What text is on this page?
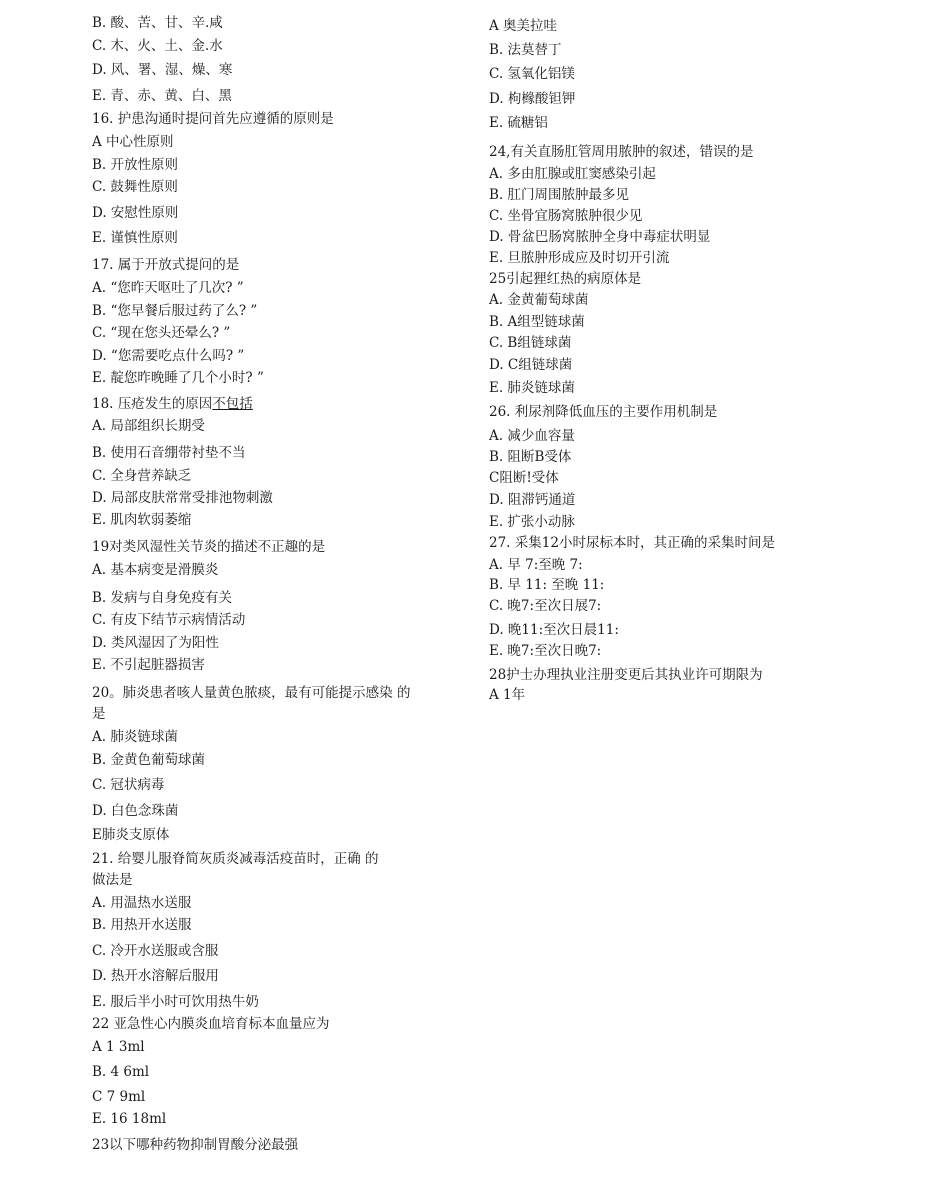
B. 酸、苦、甘、辛.咸
C. 木、火、土、金.水
D. 风、署、湿、燥、寒
E. 青、赤、黄、白、黑
16. 护患沟通时提问首先应遵循的原则是
A 中心性原则
B. 开放性原则
C. 鼓舞性原则
D. 安慰性原则
E. 谨慎性原则
17. 属于开放式提问的是
A. “您昨天呕吐了几次? ”
B. “您早餐后服过药了么? ”
C. “现在您头还晕么? ”
D. “您需要吃点什么吗? ”
E. 靛您昨晚睡了几个小时? ”
18. 压疮发生的原因不包括
A. 局部组织长期受
B. 使用石音绷带衬垫不当
C. 全身营养缺乏
D. 局部皮肤常常受排池物刺激
E. 肌肉软弱萎缩
19对类风湿性关节炎的描述不正趣的是
A. 基本病变是滑膜炎
B. 发病与自身免疫有关
C. 有皮下结节示病情活动
D. 类风湿因了为阳性
E. 不引起脏器损害
20。肺炎患者咳人量黄色脓痰，最有可能提示感染 的
是
A. 肺炎链球菌
B. 金黄色葡萄球菌
C. 冠状病毒
D. 白色念珠菌
E肺炎支原体
21. 给婴儿服脊简灰质炎减毒活疫苗时，正确 的
做法是
A. 用温热水送服
B. 用热开水送服
C. 冷开水送服或含服
D. 热开水溶解后服用
E. 服后半小时可饮用热牛奶
22 亚急性心内膜炎血培育标本血量应为
A 1 3ml
B. 4 6ml
C 7 9ml
E. 16 18ml
23以下哪种药物抑制胃酸分泌最强
A 奥美拉哇
B. 法莫替丁
C. 氢氧化铝镁
D. 枸橼酸钽钾
E. 硫糖铝
24,有关直肠肛管周用脓肿的叙述，错误的是
A. 多由肛腺或肛窦感染引起
B. 肛门周围脓肿最多见
C. 坐骨宜肠窝脓肿很少见
D. 骨盆巴肠窝脓肿全身中毒症状明显
E. 旦脓肿形成应及时切开引流
25引起狸红热的病原体是
A. 金黄葡萄球菌
B. A组型链球菌
C. B组链球菌
D. C组链球菌
E. 肺炎链球菌
26. 利尿剂降低血压的主要作用机制是
A. 减少血容量
B. 阻断B受体
C阻断!受体
D. 阻滞钙通道
E. 扩张小动脉
27. 采集12小时尿标本时，其正确的采集时间是
A. 早 7:至晚 7:
B. 早 11: 至晚 11:
C. 晚7:至次日展7:
D. 晚11:至次日晨11:
E. 晚7:至次日晚7:
28护士办理执业注册变更后其执业许可期限为
A 1年
